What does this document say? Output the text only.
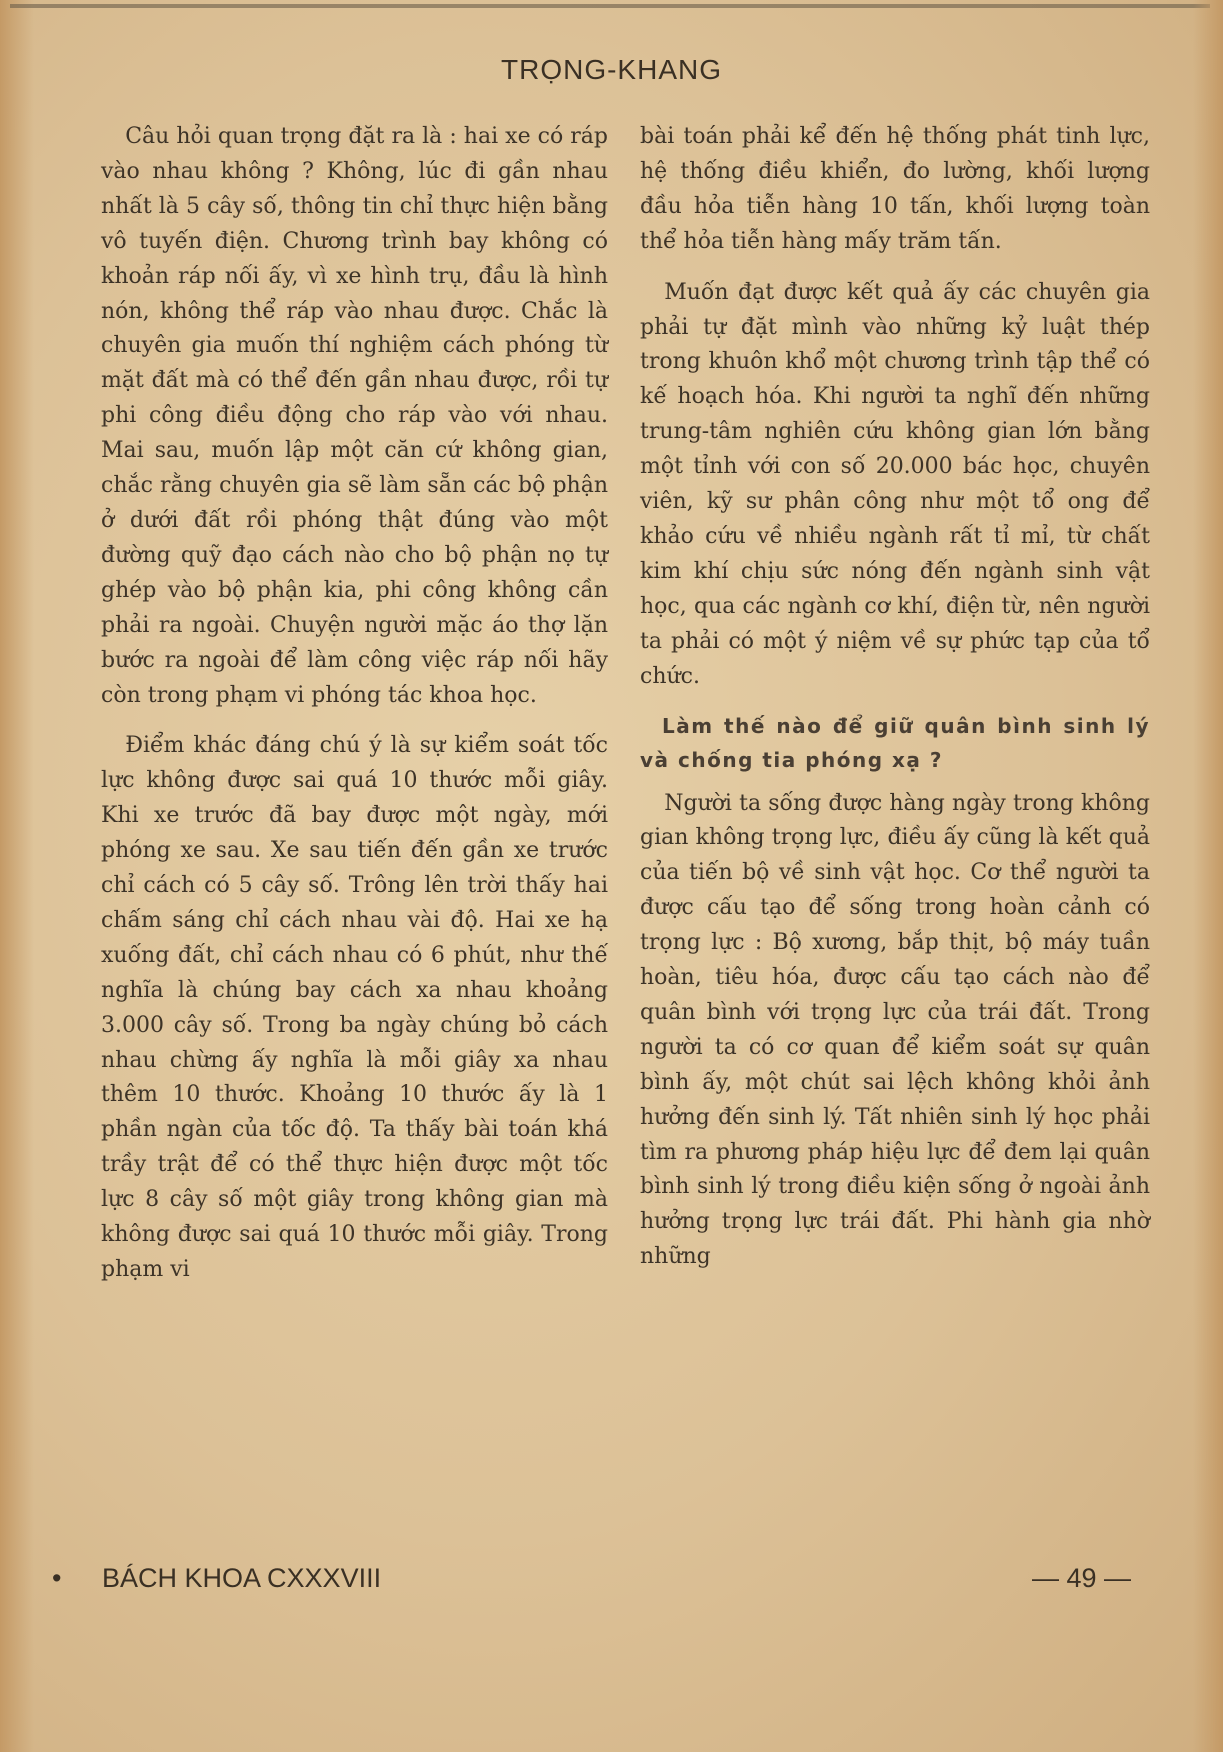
TRỌNG-KHANG

Câu hỏi quan trọng đặt ra là : hai xe có ráp vào nhau không ? Không, lúc đi gần nhau nhất là 5 cây số, thông tin chỉ thực hiện bằng vô tuyến điện. Chương trình bay không có khoản ráp nối ấy, vì xe hình trụ, đầu là hình nón, không thể ráp vào nhau được. Chắc là chuyên gia muốn thí nghiệm cách phóng từ mặt đất mà có thể đến gần nhau được, rồi tự phi công điều động cho ráp vào với nhau. Mai sau, muốn lập một căn cứ không gian, chắc rằng chuyên gia sẽ làm sẵn các bộ phận ở dưới đất rồi phóng thật đúng vào một đường quỹ đạo cách nào cho bộ phận nọ tự ghép vào bộ phận kia, phi công không cần phải ra ngoài. Chuyện người mặc áo thợ lặn bước ra ngoài để làm công việc ráp nối hãy còn trong phạm vi phóng tác khoa học.

Điểm khác đáng chú ý là sự kiểm soát tốc lực không được sai quá 10 thước mỗi giây. Khi xe trước đã bay được một ngày, mới phóng xe sau. Xe sau tiến đến gần xe trước chỉ cách có 5 cây số. Trông lên trời thấy hai chấm sáng chỉ cách nhau vài độ. Hai xe hạ xuống đất, chỉ cách nhau có 6 phút, như thế nghĩa là chúng bay cách xa nhau khoảng 3.000 cây số. Trong ba ngày chúng bỏ cách nhau chừng ấy nghĩa là mỗi giây xa nhau thêm 10 thước. Khoảng 10 thước ấy là 1 phần ngàn của tốc độ. Ta thấy bài toán khá trầy trật để có thể thực hiện được một tốc lực 8 cây số một giây trong không gian mà không được sai quá 10 thước mỗi giây. Trong phạm vi

bài toán phải kể đến hệ thống phát tinh lực, hệ thống điều khiển, đo lường, khối lượng đầu hỏa tiễn hàng 10 tấn, khối lượng toàn thể hỏa tiễn hàng mấy trăm tấn.

Muốn đạt được kết quả ấy các chuyên gia phải tự đặt mình vào những kỷ luật thép trong khuôn khổ một chương trình tập thể có kế hoạch hóa. Khi người ta nghĩ đến những trung-tâm nghiên cứu không gian lớn bằng một tỉnh với con số 20.000 bác học, chuyên viên, kỹ sư phân công như một tổ ong để khảo cứu về nhiều ngành rất tỉ mỉ, từ chất kim khí chịu sức nóng đến ngành sinh vật học, qua các ngành cơ khí, điện từ, nên người ta phải có một ý niệm về sự phức tạp của tổ chức.

Làm thế nào để giữ quân bình sinh lý và chống tia phóng xạ ?

Người ta sống được hàng ngày trong không gian không trọng lực, điều ấy cũng là kết quả của tiến bộ về sinh vật học. Cơ thể người ta được cấu tạo để sống trong hoàn cảnh có trọng lực : Bộ xương, bắp thịt, bộ máy tuần hoàn, tiêu hóa, được cấu tạo cách nào để quân bình với trọng lực của trái đất. Trong người ta có cơ quan để kiểm soát sự quân bình ấy, một chút sai lệch không khỏi ảnh hưởng đến sinh lý. Tất nhiên sinh lý học phải tìm ra phương pháp hiệu lực để đem lại quân bình sinh lý trong điều kiện sống ở ngoài ảnh hưởng trọng lực trái đất. Phi hành gia nhờ những

• BÁCH KHOA CXXXVIII	— 49 —
